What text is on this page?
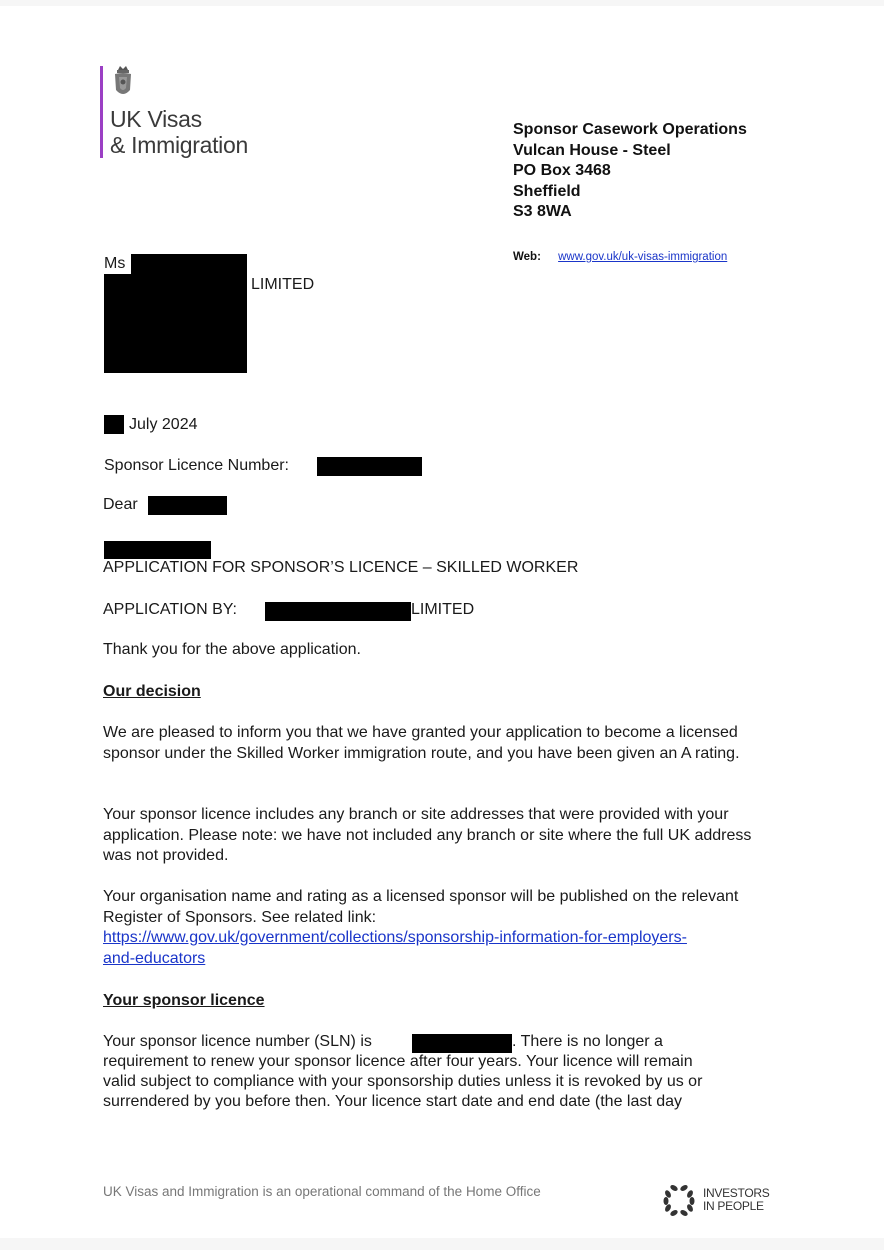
UK Visas
& Immigration
Sponsor Casework Operations
Vulcan House - Steel
PO Box 3468
Sheffield
S3 8WA
Web: www.gov.uk/uk-visas-immigration
Ms
LIMITED
July 2024
Sponsor Licence Number:
Dear
APPLICATION FOR SPONSOR’S LICENCE – SKILLED WORKER
APPLICATION BY:	LIMITED
Thank you for the above application.
Our decision
We are pleased to inform you that we have granted your application to become a licensed sponsor under the Skilled Worker immigration route, and you have been given an A rating.
Your sponsor licence includes any branch or site addresses that were provided with your application. Please note: we have not included any branch or site where the full UK address was not provided.
Your organisation name and rating as a licensed sponsor will be published on the relevant Register of Sponsors. See related link:
https://www.gov.uk/government/collections/sponsorship-information-for-employers-
and-educators
Your sponsor licence
Your sponsor licence number (SLN) is	. There is no longer a
requirement to renew your sponsor licence after four years. Your licence will remain
valid subject to compliance with your sponsorship duties unless it is revoked by us or
surrendered by you before then. Your licence start date and end date (the last day
UK Visas and Immigration is an operational command of the Home Office	INVESTORS
IN PEOPLE
